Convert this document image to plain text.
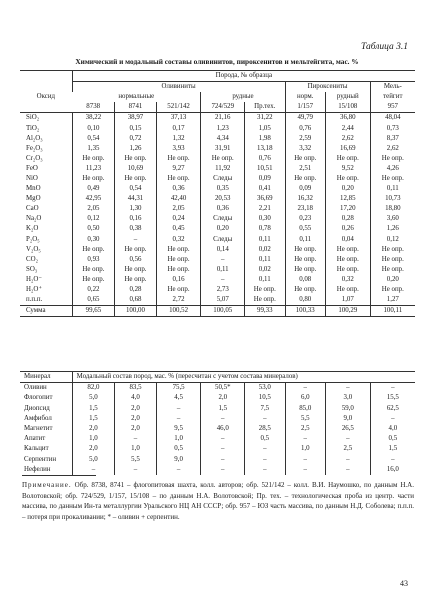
Таблица 3.1
Химический и модальный составы оливинитов, пироксенитов и мельтейгита, мас. %
	Порода, № образца							
Оксид	Оливиниты					Пироксениты		Мель-
	нормальные			рудные		норм.	рудный	тейгит
	8738	8741	521/142	724/529	Пр.тех.	1/157	15/108	957
SiO₂	38,22	38,97	37,13	21,16	31,22	49,79	36,80	48,04
TiO₂	0,10	0,15	0,17	1,23	1,05	0,76	2,44	0,73
Al₂O₃	0,54	0,72	1,32	4,34	1,98	2,59	2,62	8,37
Fe₂O₃	1,35	1,26	3,93	31,91	13,18	3,32	16,69	2,62
Cr₂O₃	Не опр.	Не опр.	Не опр.	Не опр.	0,76	Не опр.	Не опр.	Не опр.
FeO	11,23	10,69	9,27	11,92	10,51	2,51	9,52	4,26
NiO	Не опр.	Не опр.	Не опр.	Следы	0,09	Не опр.	Не опр.	Не опр.
MnO	0,49	0,54	0,36	0,35	0,41	0,09	0,20	0,11
MgO	42,95	44,31	42,40	20,53	36,69	16,32	12,85	10,73
CaO	2,05	1,30	2,05	0,36	2,21	23,18	17,20	18,80
Na₂O	0,12	0,16	0,24	Следы	0,30	0,23	0,28	3,60
K₂O	0,50	0,38	0,45	0,20	0,78	0,55	0,26	1,26
P₂O₅	0,30	–	0,32	Следы	0,11	0,11	0,04	0,12
V₂O₅	Не опр.	Не опр.	Не опр.	0,14	0,02	Не опр.	Не опр.	Не опр.
CO₂	0,93	0,56	Не опр.	–	0,11	Не опр.	Не опр.	Не опр.
SO₃	Не опр.	Не опр.	Не опр.	0,11	0,02	Не опр.	Не опр.	Не опр.
H₂O⁻	Не опр.	Не опр.	0,16	–	0,11	0,08	0,32	0,20
H₂O⁺	0,22	0,28	Не опр.	2,73	Не опр.	Не опр.	Не опр.	Не опр.
п.п.п.	0,65	0,68	2,72	5,07	Не опр.	0,80	1,07	1,27
Сумма	99,65	100,00	100,52	100,05	99,33	100,33	100,29	100,11
Минерал	Модальный состав пород, мас. % (пересчитан с учетом состава минералов)							
Оливин	82,0	83,5	75,5	50,5*	53,0	–	–	–
Флогопит	5,0	4,0	4,5	2,0	10,5	6,0	3,0	15,5
Диопсид	1,5	2,0	–	1,5	7,5	85,0	59,0	62,5
Амфибол	1,5	2,0	–	–	–	5,5	9,0	–
Магнетит	2,0	2,0	9,5	46,0	28,5	2,5	26,5	4,0
Апатит	1,0	–	1,0	–	0,5	–	–	0,5
Кальцит	2,0	1,0	0,5	–	–	1,0	2,5	1,5
Серпентин	5,0	5,5	9,0	–	–	–	–	–
Нефелин	–	–	–	–	–	–	–	16,0
Примечание. Обр. 8738, 8741 – флогопитовая шахта, колл. авторов; обр. 521/142 – колл. В.И. Наумошко, по данным Н.А. Волотовской; обр. 724/529, 1/157, 15/108 – по данным Н.А. Волотовской; Пр. тех. – технологическая проба из центр. части массива, по данным Ин-та металлургии Уральского НЦ АН СССР; обр. 957 – ЮЗ часть массива, по данным Н.Д. Соболева; п.п.п. – потеря при прокаливании; * – оливин + серпентин.
43
